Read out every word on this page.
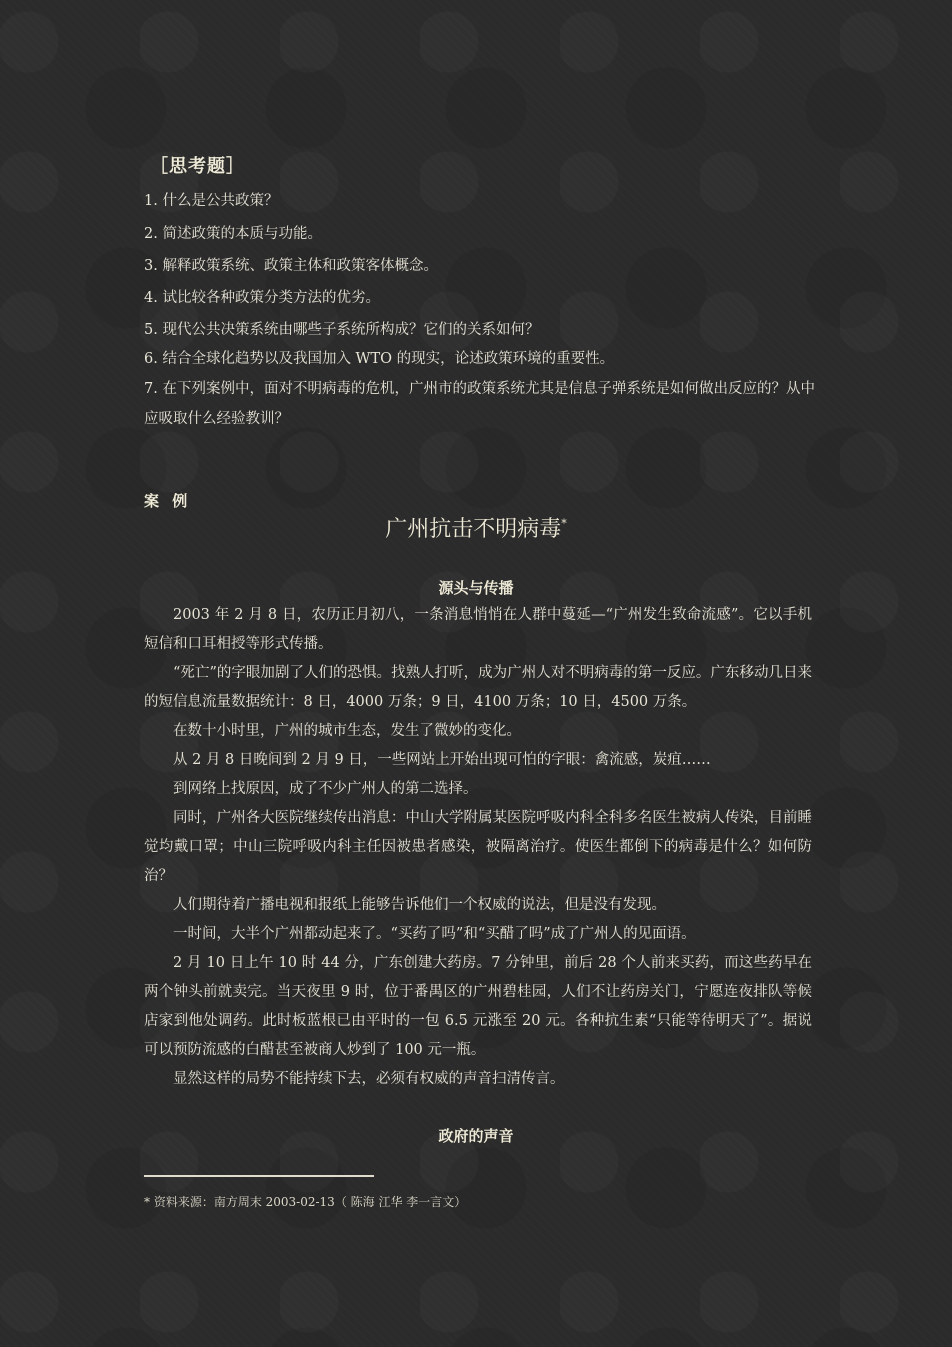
［思考题］
1. 什么是公共政策？
2. 简述政策的本质与功能。
3. 解释政策系统、政策主体和政策客体概念。
4. 试比较各种政策分类方法的优劣。
5. 现代公共决策系统由哪些子系统所构成？它们的关系如何？
6. 结合全球化趋势以及我国加入 WTO 的现实，论述政策环境的重要性。
7. 在下列案例中，面对不明病毒的危机，广州市的政策系统尤其是信息子弹系统是如何做出反应的？从中应吸取什么经验教训？
案 例
广州抗击不明病毒*
源头与传播

2003 年 2 月 8 日，农历正月初八，一条消息悄悄在人群中蔓延—“广州发生致命流感”。它以手机短信和口耳相授等形式传播。

“死亡”的字眼加剧了人们的恐惧。找熟人打听，成为广州人对不明病毒的第一反应。广东移动几日来的短信息流量数据统计：8 日，4000 万条；9 日，4100 万条；10 日，4500 万条。

在数十小时里，广州的城市生态，发生了微妙的变化。

从 2 月 8 日晚间到 2 月 9 日，一些网站上开始出现可怕的字眼：禽流感，炭疽……

到网络上找原因，成了不少广州人的第二选择。

同时，广州各大医院继续传出消息：中山大学附属某医院呼吸内科全科多名医生被病人传染，目前睡觉均戴口罩；中山三院呼吸内科主任因被患者感染，被隔离治疗。使医生都倒下的病毒是什么？如何防治？

人们期待着广播电视和报纸上能够告诉他们一个权威的说法，但是没有发现。

一时间，大半个广州都动起来了。“买药了吗”和“买醋了吗”成了广州人的见面语。

2 月 10 日上午 10 时 44 分，广东创建大药房。7 分钟里，前后 28 个人前来买药，而这些药早在两个钟头前就卖完。当天夜里 9 时，位于番禺区的广州碧桂园，人们不让药房关门，宁愿连夜排队等候店家到他处调药。此时板蓝根已由平时的一包 6.5 元涨至 20 元。各种抗生素“只能等待明天了”。据说可以预防流感的白醋甚至被商人炒到了 100 元一瓶。

显然这样的局势不能持续下去，必须有权威的声音扫清传言。

政府的声音
* 资料来源：南方周末 2003-02-13（ 陈海 江华 李一言文）
